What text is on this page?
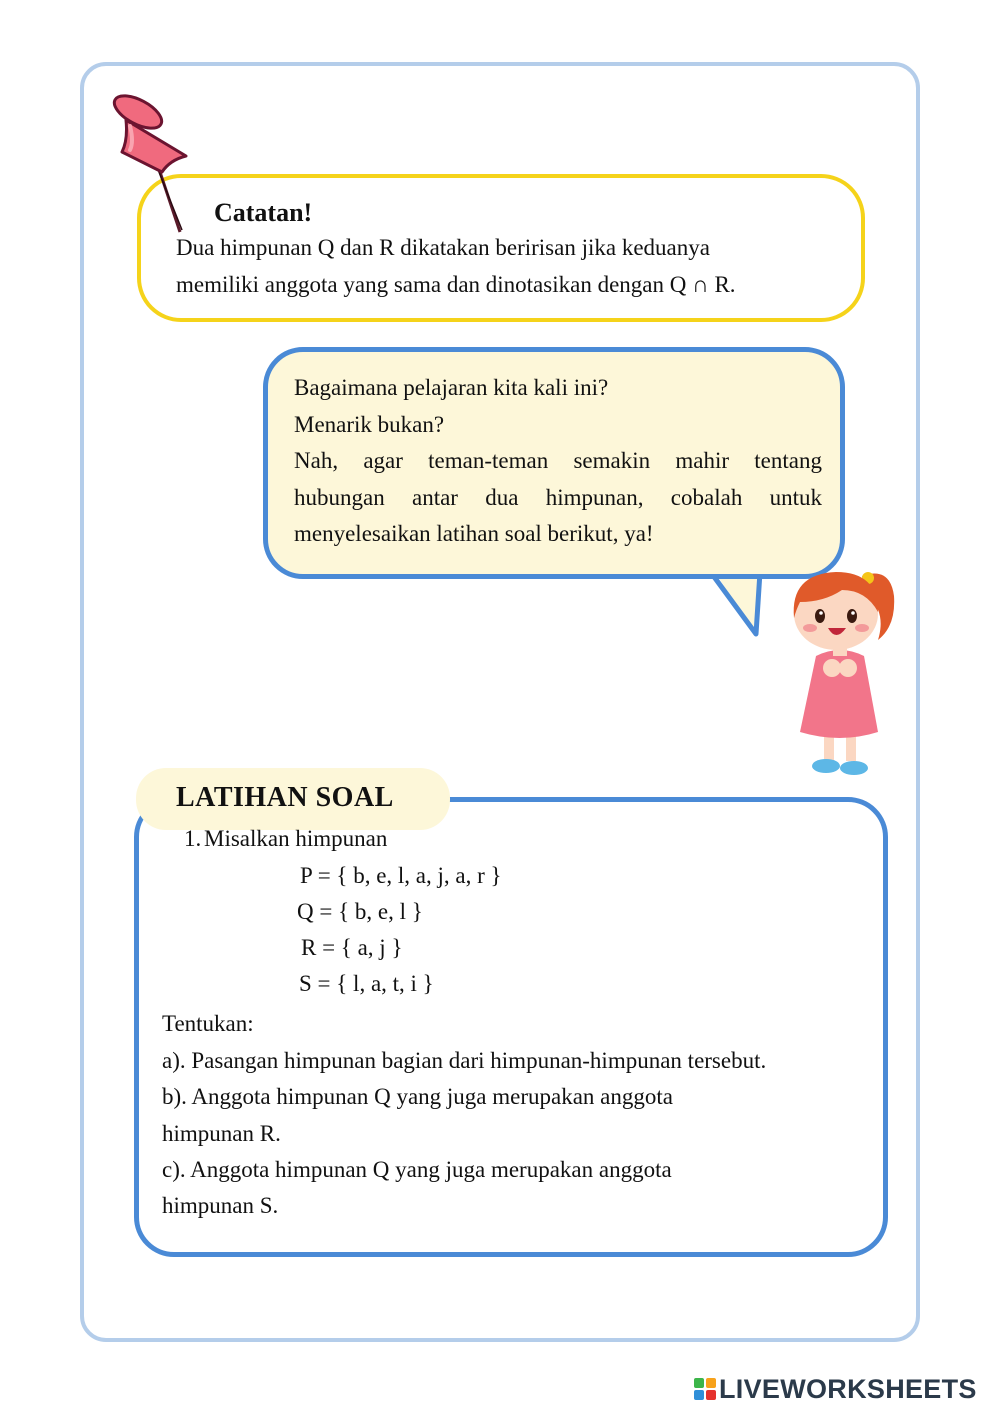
Catatan!
Dua himpunan Q dan R dikatakan beririsan jika keduanya
memiliki anggota yang sama dan dinotasikan dengan Q ∩ R.
Bagaimana pelajaran kita kali ini?
Menarik bukan?
Nah, agar teman-teman semakin mahir tentang
hubungan antar dua himpunan, cobalah untuk
menyelesaikan latihan soal berikut, ya!
LATIHAN SOAL
1. Misalkan himpunan
P = { b, e, l, a, j, a, r }
Q = { b, e, l }
R = { a, j }
S = { l, a, t, i }
Tentukan:
a). Pasangan himpunan bagian dari himpunan-himpunan tersebut.
b). Anggota himpunan Q yang juga merupakan anggota
himpunan R.
c). Anggota himpunan Q yang juga merupakan anggota
himpunan S.
LIVEWORKSHEETS
